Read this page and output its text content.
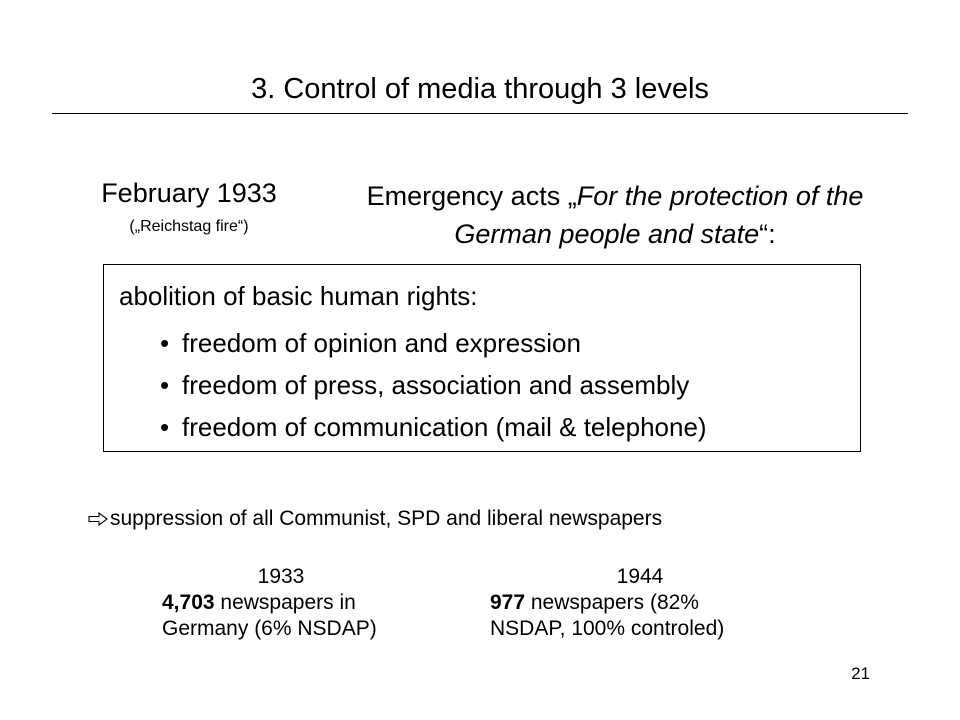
3. Control of media through 3 levels
February 1933
(„Reichstag fire“)
Emergency acts „For the protection of the German people and state“:
abolition of basic human rights:
• freedom of opinion and expression
• freedom of press, association and assembly
• freedom of communication (mail & telephone)
suppression of all Communist, SPD and liberal newspapers
1933
4,703 newspapers in
Germany (6% NSDAP)
1944
977 newspapers (82%
NSDAP, 100% controled)
21
